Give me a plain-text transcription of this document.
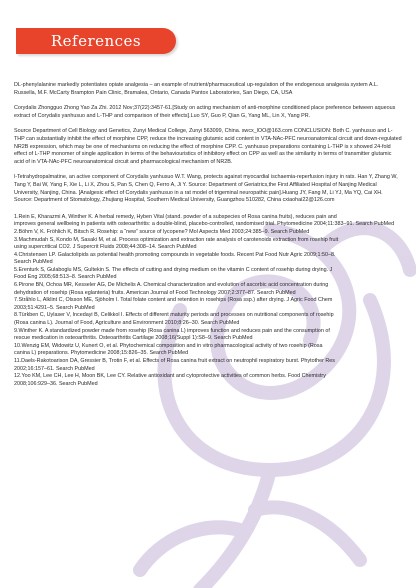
References

DL-phenylalanine markedly potentiates opiate analgesia – an example of nutrient/pharmaceutical up-regulation of the endogenous analgesia system A.L. Russella, M.F. McCarty Brampton Pain Clinic, Bramalea, Ontario, Canada Pantox Laboratories, San Diego, CA, USA

Corydalis Zhongguo Zhong Yao Za Zhi. 2012 Nov;37(22):3457-61.[Study on acting mechanism of anti-morphine conditioned place preference between aqueous extract of Corydalis yanhusuo and L-THP and comparison of their effects].Luo SY, Guo P, Qian G, Yang ML, Lin X, Yang PR.

Source Department of Cell Biology and Genetics, Zunyi Medical College, Zunyi 563099, China. swcx_lOO@163.com CONCLUSION: Both C. yanhusuo and L-THP can substantially inhibit the effect of morphine CPP, reduce the increasing glutamic acid content in VTA-NAc-PFC neuroanatomical circuit and down-regulated NR2B expression, which may be one of mechanisms on reducing the effect of morphine CPP. C. yanhusuo preparations containing L-THP is x showed 24-fold effect of L-THP monomer of single application in terms of the behaviouristics of inhibitory effect on CPP as well as the similarity in terms of transmitter glutamic acid of in VTA-NAc-PFC neuroanatomical circuit and pharmacological mechanism of NR2B.

l-Tetrahydropalmatine, an active component of Corydalis yanhusuo W.T. Wang, protects against myocardial ischaemia-reperfusion injury in rats. Han Y, Zhang W, Tang Y, Bai W, Yang F, Xie L, Li X, Zhou S, Pan S, Chen Q, Ferro A, Ji Y. Source: Department of Geriatrics,the First Affiliated Hospital of Nanjing Medical University, Nanjing, China. [Analgesic effect of Corydalis yanhusuo in a rat model of trigeminal neuropathic pain].Huang JY, Fang M, Li YJ, Ma YQ, Cai XH. Source: Department of Stomatology, Zhujiang Hospital, Southern Medical University, Guangzhou 510282, China cxiaohai22@126.com

1.Rein E, Kharazmi A, Winther K. A herbal remedy, Hyben Vital (stand. powder of a subspecies of Rosa canina fruits), reduces pain and

improves general wellbeing in patients with osteoarthritis: a double-blind, placebo-controlled, randomised trial. Phytomedicine 2004;11:383–91. Search PubMed

2.Böhm V, K. Fröhlich K, Bitsch R. Rosehip: a “new” source of lycopene? Mol Aspects Med 2003;24:385–9. Search PubMed

3.Machmudah S, Kondo M, Sasaki M, et al. Process optimization and extraction rate analysis of carotenoids extraction from rosehip fruit

using supercritical CO2. J Supercrit Fluids 2008;44:308–14. Search PubMed

4.Christensen LP. Galactolipids as potential health promoting compounds in vegetable foods. Recent Pat Food Nutr Agric 2009;1:50–8.

Search PubMed

5.Erenturk S, Gulaboglu MS, Gultekin S. The effects of cutting and drying medium on the vitamin C content of rosehip during drying. J

Food Eng 2005;68:513–8. Search PubMed

6.Pirone BN, Ochoa MR, Kesseler AG, De Michelis A. Chemical characterization and evolution of ascorbic acid concentration during

dehydration of rosehip (Rosa eglanteria) fruits. American Journal of Food Technology 2007;2:377–87. Search PubMed

7.Stråhlo L, Alklint C, Olsson ME, Sjöholm I. Total folate content and retention in rosehips (Rosa ssp.) after drying. J Agric Food Chem

2003;51:4291–5. Search PubMed

8.Türkben C, Uylaser V, Incedayi B, Celikkol I. Effects of different maturity periods and processes on nutritional components of rosehip

(Rosa canina L). Journal of Food, Agriculture and Environment 2010;8:26–30. Search PubMed

9.Winther K. A standardized powder made from rosehip (Rosa canina L) improves function and reduces pain and the consumption of

rescue medication in osteoarthritis. Osteoarthritis Cartilage 2008;16(Suppl 1):S8–9. Search PubMed

10.Wenzig EM, Widowitz U, Kunert O, et al. Phytochemical composition and in vitro pharmacological activity of two rosehip (Rosa

canina L) preparations. Phytomedicine 2008;15:826–35. Search PubMed

11.Daels-Rakotoarison DA, Gressier B, Trotin F, et al. Effects of Rosa canina fruit extract on neutrophil respiratory burst. Phytother Res

2002;16:157–61. Search PubMed

12.Yoo KM, Lee CH, Lee H, Moon BK, Lee CY. Relative antioxidant and cytoprotective activities of common herbs. Food Chemistry

2008;106:929–36. Search PubMed
